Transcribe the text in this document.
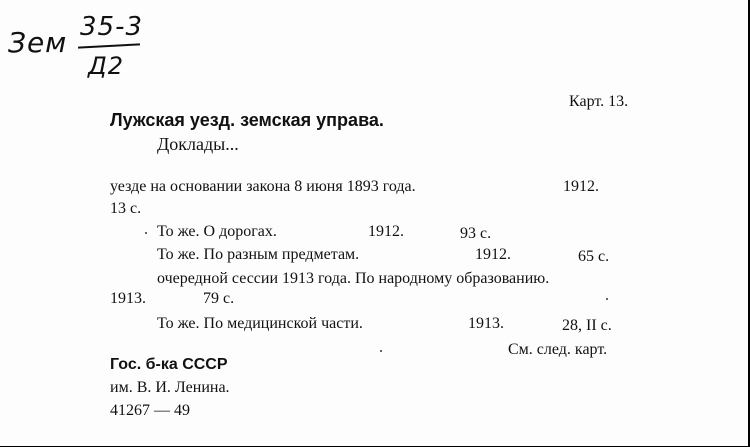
Зем 35-3
Д2
Карт. 13.
Лужская уезд. земская управа.
Доклады...
уезде на основании закона 8 июня 1893 года.	1912.
13 с.
То же. О дорогах.	1912.	93 с.
То же. По разным предметам.	1912.	65 с.
очередной сессии 1913 года. По народному образованию.
1913.	79 с.
То же. По медицинской части.	1913.	28, II с.
См. след. карт.
Гос. б-ка СССР
им. В. И. Ленина.
41267 — 49
